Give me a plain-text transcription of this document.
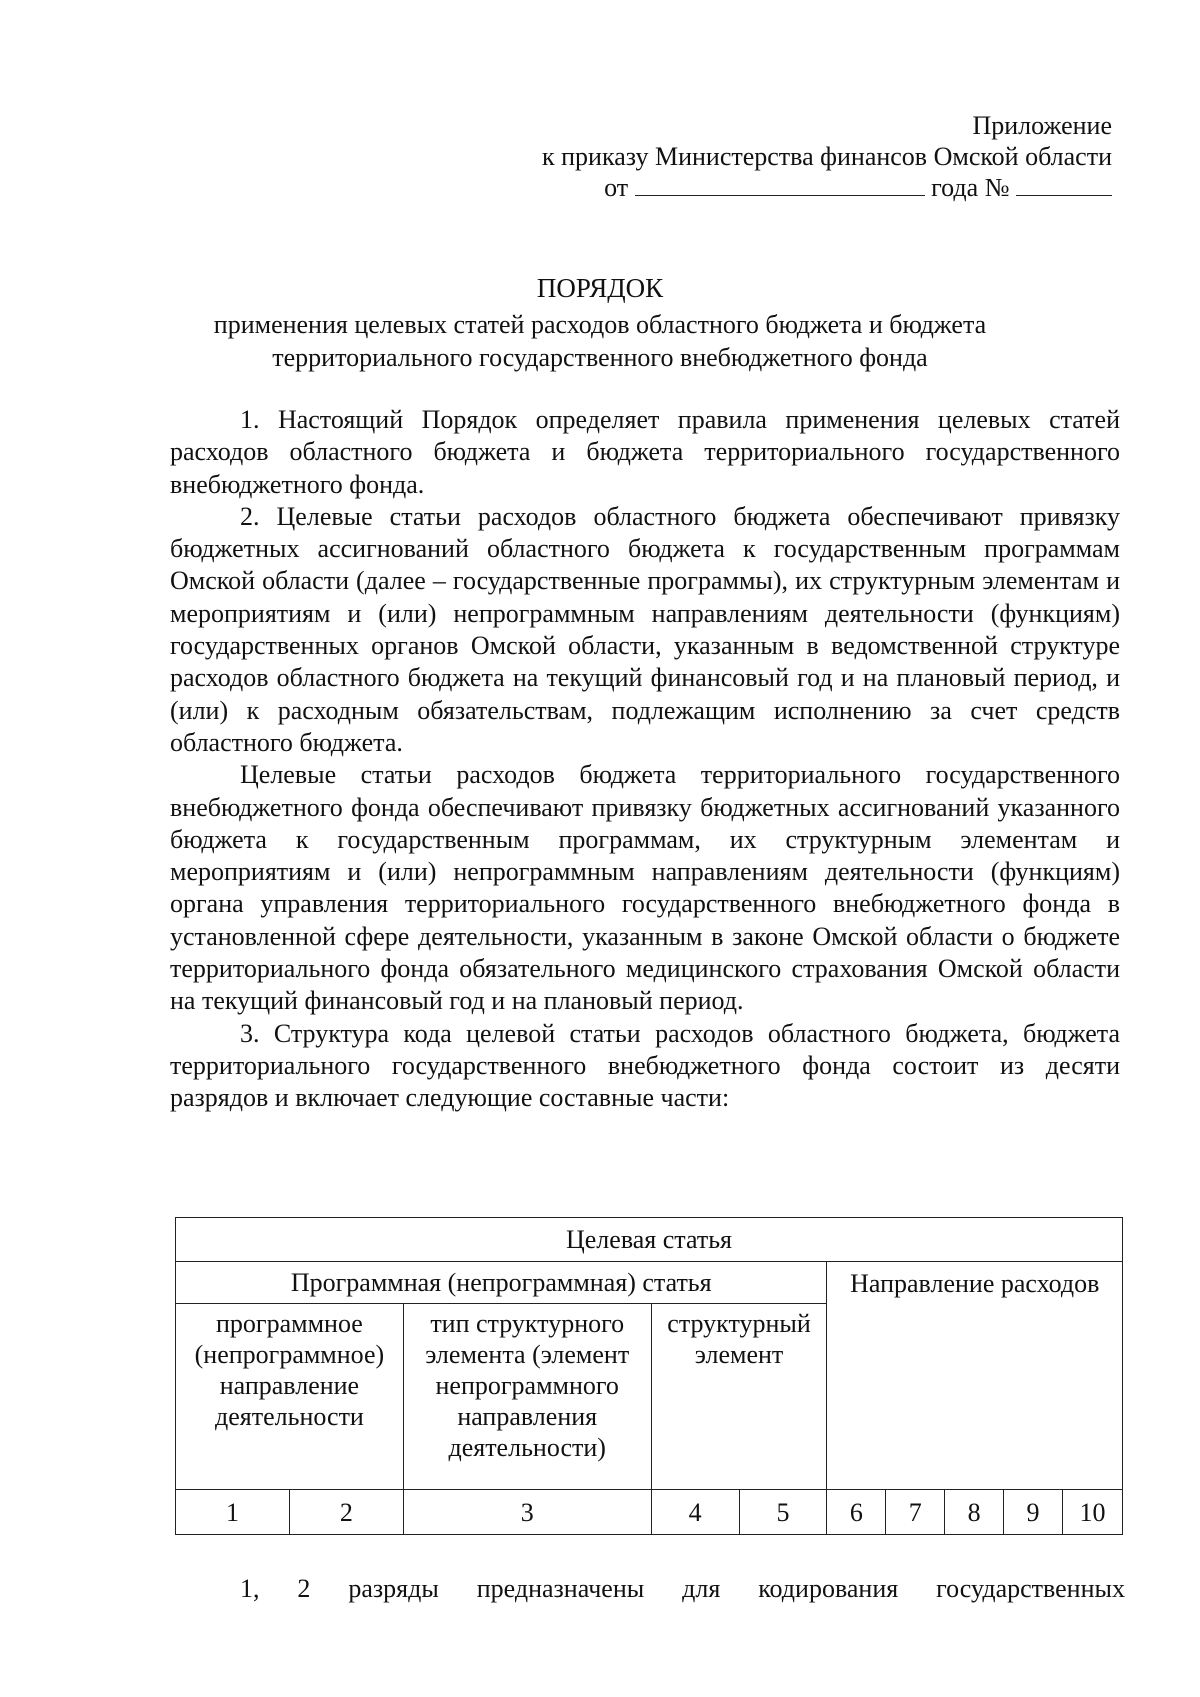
Приложение
к приказу Министерства финансов Омской области
от	года №
ПОРЯДОК
применения целевых статей расходов областного бюджета и бюджета территориального государственного внебюджетного фонда

1. Настоящий Порядок определяет правила применения целевых статей расходов областного бюджета и бюджета территориального государственного внебюджетного фонда.

2. Целевые статьи расходов областного бюджета обеспечивают привязку бюджетных ассигнований областного бюджета к государственным программам Омской области (далее – государственные программы), их структурным элементам и мероприятиям и (или) непрограммным направлениям деятельности (функциям) государственных органов Омской области, указанным в ведомственной структуре расходов областного бюджета на текущий финансовый год и на плановый период, и (или) к расходным обязательствам, подлежащим исполнению за счет средств областного бюджета.

Целевые статьи расходов бюджета территориального государственного внебюджетного фонда обеспечивают привязку бюджетных ассигнований указанного бюджета к государственным программам, их структурным элементам и мероприятиям и (или) непрограммным направлениям деятельности (функциям) органа управления территориального государственного внебюджетного фонда в установленной сфере деятельности, указанным в законе Омской области о бюджете территориального фонда обязательного медицинского страхования Омской области на текущий финансовый год и на плановый период.

3. Структура кода целевой статьи расходов областного бюджета, бюджета территориального государственного внебюджетного фонда состоит из десяти разрядов и включает следующие составные части:

Целевая статья									
Программная (непрограммная) статья					Направление расходов				
программное (непрограммное) направление деятельности		тип структурного элемента (элемент непрограммного направления деятельности)	структурный элемент						
1	2	3	4	5	6	7	8	9	10
1, 2 разряды предназначены для кодирования государственных
